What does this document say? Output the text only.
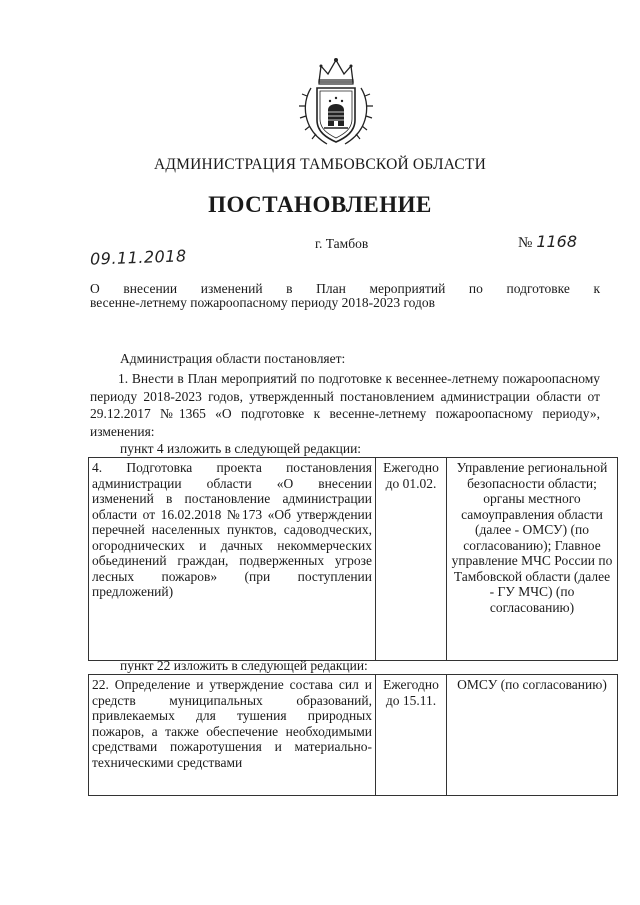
АДМИНИСТРАЦИЯ ТАМБОВСКОЙ ОБЛАСТИ
ПОСТАНОВЛЕНИЕ
09.11.2018
г. Тамбов	№ 1168
О внесении изменений в План мероприятий по подготовке к
весенне-летнему пожароопасному периоду 2018-2023 годов
Администрация области постановляет:
1. Внести в План мероприятий по подготовке к весеннее-летнему пожароопасному периоду 2018-2023 годов, утвержденный постановлением администрации области от 29.12.2017 №1365 «О подготовке к весенне-летнему пожароопасному периоду», изменения:
пункт 4 изложить в следующей редакции:
4. Подготовка проекта постановления администрации области «О внесении изменений в постановление администрации области от 16.02.2018 №173 «Об утверждении перечней населенных пунктов, садоводческих, огороднических и дачных некоммерческих обьединений граждан, подверженных угрозе лесных пожаров» (при поступлении предложений)	Ежегодно до 01.02.	Управление региональной безопасности области; органы местного самоуправления области (далее - ОМСУ) (по согласованию); Главное управление МЧС России по Тамбовской области (далее - ГУ МЧС) (по согласованию)
пункт 22 изложить в следующей редакции:
22. Определение и утверждение состава сил и средств муниципальных образований, привлекаемых для тушения природных пожаров, а также обеспечение необходимыми средствами пожаротушения и материально-техническими средствами	Ежегодно до 15.11.	ОМСУ (по согласованию)
